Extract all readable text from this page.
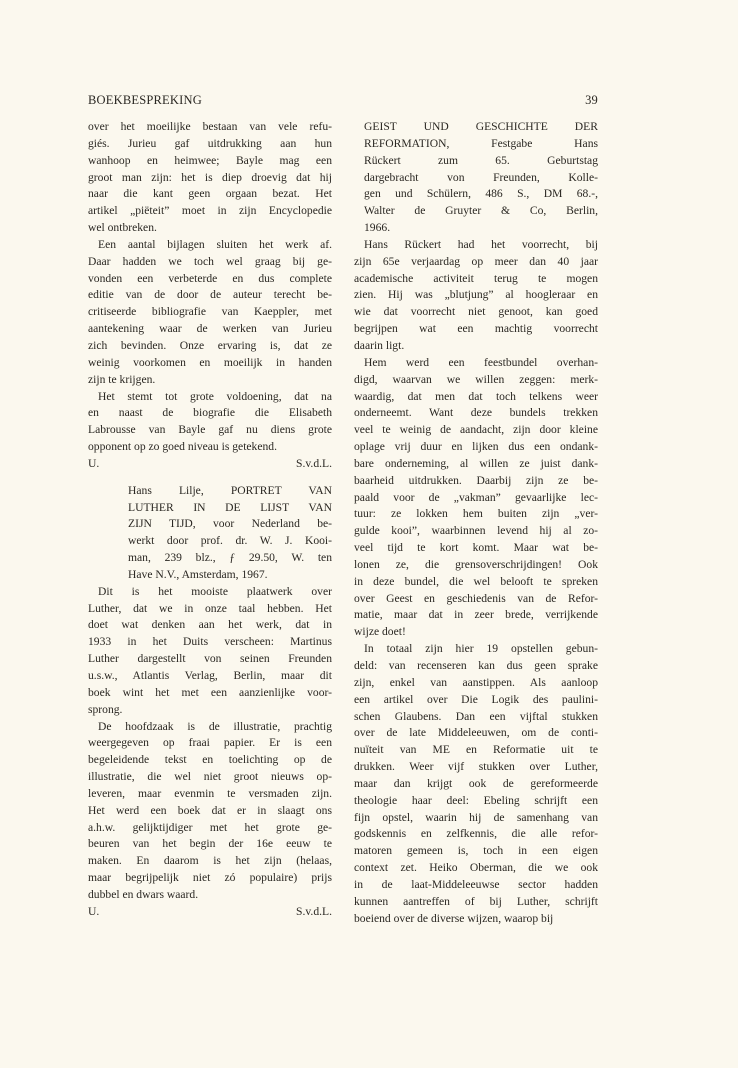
BOEKBESPREKING	39
over het moeilijke bestaan van vele refu-
giés. Jurieu gaf uitdrukking aan hun
wanhoop en heimwee; Bayle mag een
groot man zijn: het is diep droevig dat hij
naar die kant geen orgaan bezat. Het
artikel „piëteit” moet in zijn Encyclopedie
wel ontbreken.
Een aantal bijlagen sluiten het werk af.
Daar hadden we toch wel graag bij ge-
vonden een verbeterde en dus complete
editie van de door de auteur terecht be-
critiseerde bibliografie van Kaeppler, met
aantekening waar de werken van Jurieu
zich bevinden. Onze ervaring is, dat ze
weinig voorkomen en moeilijk in handen
zijn te krijgen.
Het stemt tot grote voldoening, dat na
en naast de biografie die Elisabeth
Labrousse van Bayle gaf nu diens grote
opponent op zo goed niveau is getekend.

U.	S.v.d.L.

Hans Lilje, PORTRET VAN
LUTHER IN DE LIJST VAN
ZIJN TIJD, voor Nederland be-
werkt door prof. dr. W. J. Kooi-
man, 239 blz., ƒ 29.50, W. ten
Have N.V., Amsterdam, 1967.
Dit is het mooiste plaatwerk over
Luther, dat we in onze taal hebben. Het
doet wat denken aan het werk, dat in
1933 in het Duits verscheen: Martinus
Luther dargestellt von seinen Freunden
u.s.w., Atlantis Verlag, Berlin, maar dit
boek wint het met een aanzienlijke voor-
sprong.
De hoofdzaak is de illustratie, prachtig
weergegeven op fraai papier. Er is een
begeleidende tekst en toelichting op de
illustratie, die wel niet groot nieuws op-
leveren, maar evenmin te versmaden zijn.
Het werd een boek dat er in slaagt ons
a.h.w. gelijktijdiger met het grote ge-
beuren van het begin der 16e eeuw te
maken. En daarom is het zijn (helaas,
maar begrijpelijk niet zó populaire) prijs
dubbel en dwars waard.

U.	S.v.d.L.

GEIST UND GESCHICHTE DER
REFORMATION, Festgabe Hans
Rückert zum 65. Geburtstag
dargebracht von Freunden, Kolle-
gen und Schülern, 486 S., DM 68.-,
Walter de Gruyter & Co, Berlin,
1966.
Hans Rückert had het voorrecht, bij
zijn 65e verjaardag op meer dan 40 jaar
academische activiteit terug te mogen
zien. Hij was „blutjung” al hoogleraar en
wie dat voorrecht niet genoot, kan goed
begrijpen wat een machtig voorrecht
daarin ligt.
Hem werd een feestbundel overhan-
digd, waarvan we willen zeggen: merk-
waardig, dat men dat toch telkens weer
onderneemt. Want deze bundels trekken
veel te weinig de aandacht, zijn door kleine
oplage vrij duur en lijken dus een ondank-
bare onderneming, al willen ze juist dank-
baarheid uitdrukken. Daarbij zijn ze be-
paald voor de „vakman” gevaarlijke lec-
tuur: ze lokken hem buiten zijn „ver-
gulde kooi”, waarbinnen levend hij al zo-
veel tijd te kort komt. Maar wat be-
lonen ze, die grensoverschrijdingen! Ook
in deze bundel, die wel belooft te spreken
over Geest en geschiedenis van de Refor-
matie, maar dat in zeer brede, verrijkende
wijze doet!
In totaal zijn hier 19 opstellen gebun-
deld: van recenseren kan dus geen sprake
zijn, enkel van aanstippen. Als aanloop
een artikel over Die Logik des paulini-
schen Glaubens. Dan een vijftal stukken
over de late Middeleeuwen, om de conti-
nuïteit van ME en Reformatie uit te
drukken. Weer vijf stukken over Luther,
maar dan krijgt ook de gereformeerde
theologie haar deel: Ebeling schrijft een
fijn opstel, waarin hij de samenhang van
godskennis en zelfkennis, die alle refor-
matoren gemeen is, toch in een eigen
context zet. Heiko Oberman, die we ook
in de laat-Middeleeuwse sector hadden
kunnen aantreffen of bij Luther, schrijft
boeiend over de diverse wijzen, waarop bij
